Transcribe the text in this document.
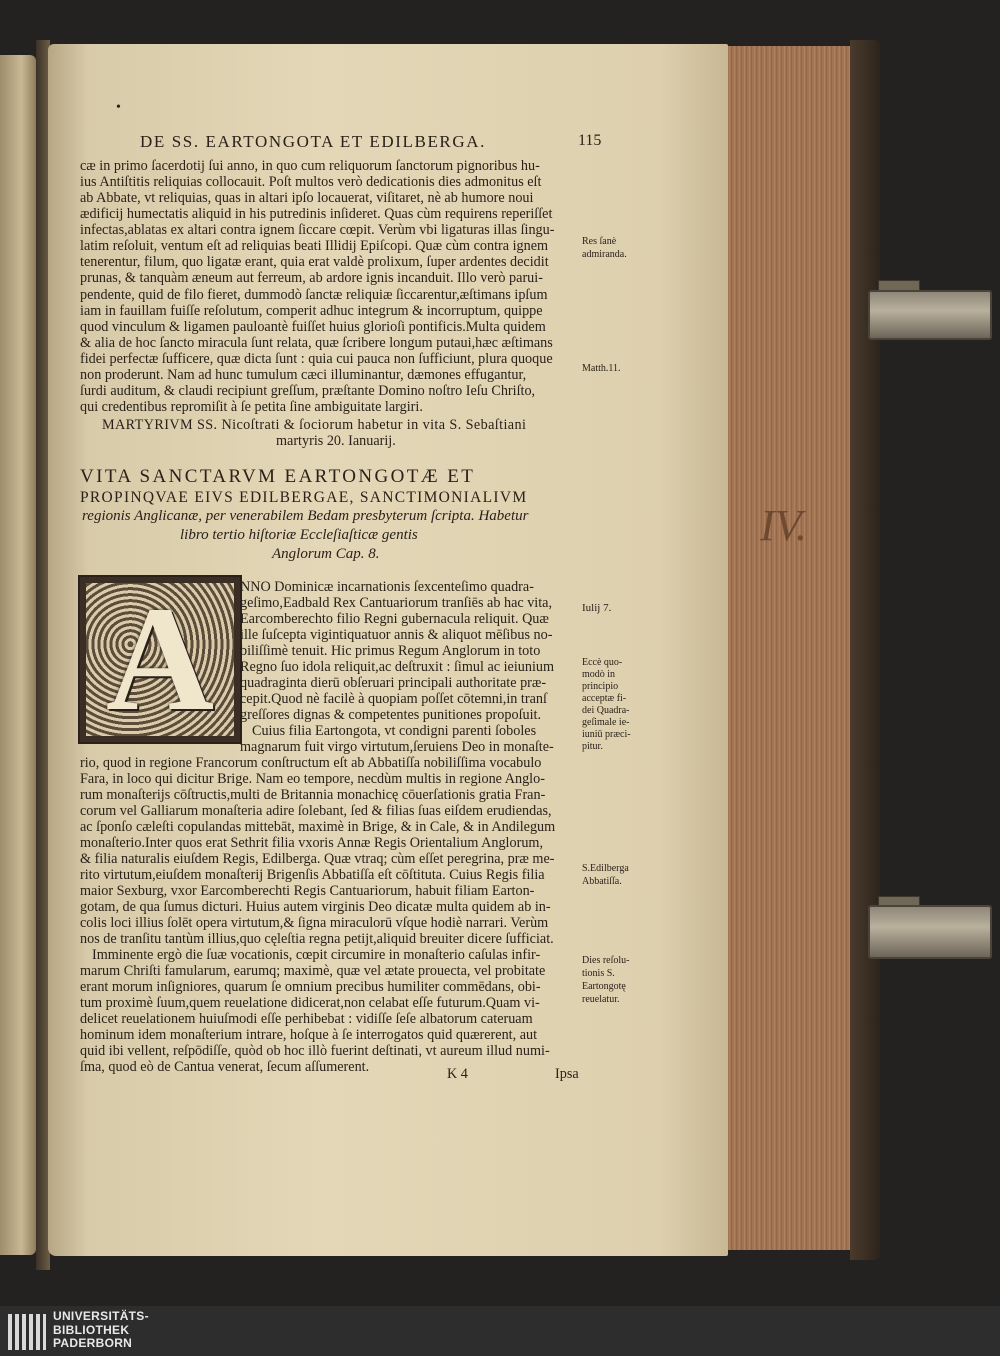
IV.
DE SS. EARTONGOTA ET EDILBERGA.	115
•
cæ in primo ſacerdotij ſui anno, in quo cum reliquorum ſanctorum pignoribus hu-
ius Antiſtitis reliquias collocauit. Poſt multos verò dedicationis dies admonitus eſt
ab Abbate, vt reliquias, quas in altari ipſo locauerat, viſitaret, nè ab humore noui
ædificij humectatis aliquid in his putredinis inſideret. Quas cùm requirens reperiſſet
infectas,ablatas ex altari contra ignem ſiccare cœpit. Verùm vbi ligaturas illas ſingu-
latim reſoluit, ventum eſt ad reliquias beati Illidij Epiſcopi. Quæ cùm contra ignem
tenerentur, filum, quo ligatæ erant, quia erat valdè prolixum, ſuper ardentes decidit
prunas, & tanquàm æneum aut ferreum, ab ardore ignis incanduit. Illo verò parui-
pendente, quid de filo fieret, dummodò ſanctæ reliquiæ ſiccarentur,æſtimans ipſum
iam in fauillam fuiſſe reſolutum, comperit adhuc integrum & incorruptum, quippe
quod vinculum & ligamen pauloantè fuiſſet huius glorioſi pontificis.Multa quidem
& alia de hoc ſancto miracula ſunt relata, quæ ſcribere longum putaui,hæc æſtimans
fidei perfectæ ſufficere, quæ dicta ſunt : quia cui pauca non ſufficiunt, plura quoque
non proderunt. Nam ad hunc tumulum cæci illuminantur, dæmones effugantur,
ſurdi auditum, & claudi recipiunt greſſum, præſtante Domino noſtro Ieſu Chriſto,
qui credentibus repromiſit à ſe petita ſine ambiguitate largiri.
Res ſanè
admiranda.
Matth.11.
MARTYRIVM SS. Nicoſtrati & ſociorum habetur in vita S. Sebaſtiani
martyris 20. Ianuarij.
VITA SANCTARVM EARTONGOTÆ ET
PROPINQVAE EIVS EDILBERGAE, SANCTIMONIALIVM
regionis Anglicanæ, per venerabilem Bedam presbyterum ſcripta. Habetur
libro tertio hiſtoriæ Eccleſiaſticæ gentis
Anglorum Cap. 8.
A	NNO Dominicæ incarnationis ſexcenteſimo quadra-
geſimo,Eadbald Rex Cantuariorum tranſiēs ab hac vita,
Earcomberechto filio Regni gubernacula reliquit. Quæ
ille ſuſcepta vigintiquatuor annis & aliquot mēſibus no-
biliſſimè tenuit. Hic primus Regum Anglorum in toto
Regno ſuo idola reliquit,ac deſtruxit : ſimul ac ieiunium
quadraginta dierū obſeruari principali authoritate præ-
cepit.Quod nè facilè à quopiam poſſet cōtemni,in tranſ
greſſores dignas & competentes punitiones propoſuit.
Cuius filia Eartongota, vt condigni parenti ſoboles
magnarum fuit virgo virtutum,ſeruiens Deo in monaſte-
Iulij 7.
Eccè quo-
modò in
principio
acceptæ fi-
dei Quadra-
geſimale ie-
iuniū præci-
pitur.
rio, quod in regione Francorum conſtructum eſt ab Abbatiſſa nobiliſſima vocabulo
Fara, in loco qui dicitur Brige. Nam eo tempore, necdùm multis in regione Anglo-
rum monaſterijs cōſtructis,multi de Britannia monachicę cōuerſationis gratia Fran-
corum vel Galliarum monaſteria adire ſolebant, ſed & filias ſuas eiſdem erudiendas,
ac ſponſo cæleſti copulandas mittebāt, maximè in Brige, & in Cale, & in Andilegum
monaſterio.Inter quos erat Sethrit filia vxoris Annæ Regis Orientalium Anglorum,
& filia naturalis eiuſdem Regis, Edilberga. Quæ vtraq; cùm eſſet peregrina, præ me-
rito virtutum,eiuſdem monaſterij Brigenſis Abbatiſſa eſt cōſtituta. Cuius Regis filia
maior Sexburg, vxor Earcomberechti Regis Cantuariorum, habuit filiam Earton-
gotam, de qua ſumus dicturi. Huius autem virginis Deo dicatæ multa quidem ab in-
colis loci illius ſolēt opera virtutum,& ſigna miraculorū vſque hodiè narrari. Verùm
nos de tranſitu tantùm illius,quo cęleſtia regna petijt,aliquid breuiter dicere ſufficiat.
Imminente ergò die ſuæ vocationis, cœpit circumire in monaſterio caſulas infir-
marum Chriſti famularum, earumq; maximè, quæ vel ætate prouecta, vel probitate
erant morum inſigniores, quarum ſe omnium precibus humiliter commēdans, obi-
tum proximè ſuum,quem reuelatione didicerat,non celabat eſſe futurum.Quam vi-
delicet reuelationem huiuſmodi eſſe perhibebat : vidiſſe ſeſe albatorum cateruam
hominum idem monaſterium intrare, hoſque à ſe interrogatos quid quærerent, aut
quid ibi vellent, reſpōdiſſe, quòd ob hoc illò fuerint deſtinati, vt aureum illud numi-
ſma, quod eò de Cantua venerat, ſecum aſſumerent.
S.Edilberga
Abbatiſſa.
Dies reſolu-
tionis S.
Eartongotę
reuelatur.
K 4	Ipsa
UNIVERSITÄTS-
BIBLIOTHEK
PADERBORN
